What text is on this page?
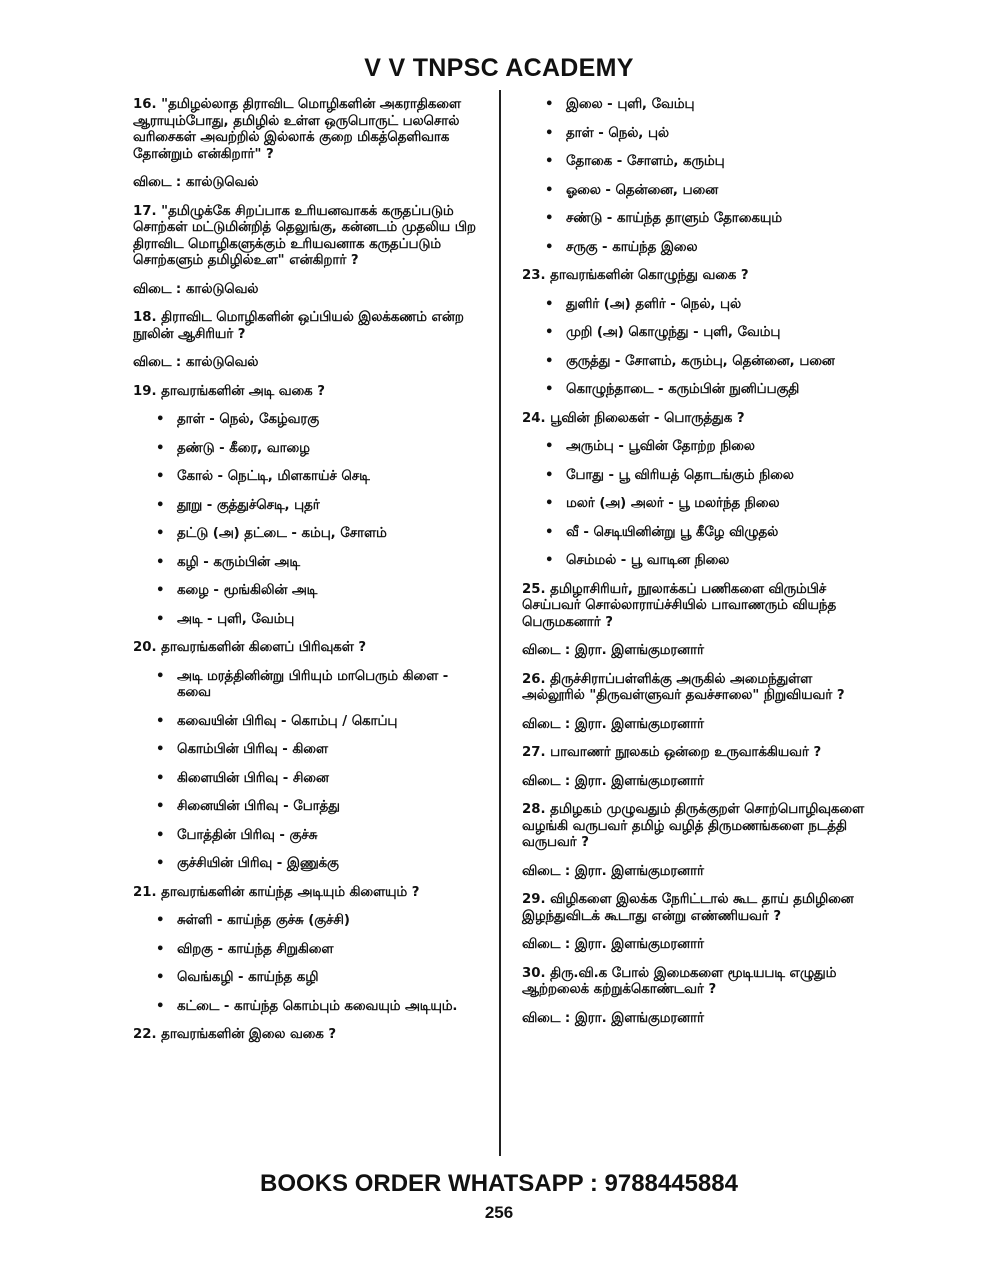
V V TNPSC ACADEMY
16. "தமிழல்லாத திராவிட மொழிகளின் அகராதிகளை ஆராயும்போது, தமிழில் உள்ள ஒருபொருட் பலசொல் வரிசைகள் அவற்றில் இல்லாக் குறை மிகத்தெளிவாக தோன்றும் என்கிறார்" ?
விடை : கால்டுவெல்
17. "தமிழுக்கே சிறப்பாக உரியனவாகக் கருதப்படும் சொற்கள் மட்டுமின்றித் தெலுங்கு, கன்னடம் முதலிய பிற திராவிட மொழிகளுக்கும் உரியவனாக கருதப்படும் சொற்களும் தமிழில்உள" என்கிறார் ?
விடை : கால்டுவெல்
18. திராவிட மொழிகளின் ஒப்பியல் இலக்கணம் என்ற நூலின் ஆசிரியர் ?
விடை : கால்டுவெல்
19. தாவரங்களின் அடி வகை ?
• தாள் - நெல், கேழ்வரகு
• தண்டு - கீரை, வாழை
• கோல் - நெட்டி, மிளகாய்ச் செடி
• தூறு - குத்துச்செடி, புதர்
• தட்டு (அ) தட்டை - கம்பு, சோளம்
• கழி - கரும்பின் அடி
• கழை - மூங்கிலின் அடி
• அடி - புளி, வேம்பு
20. தாவரங்களின் கிளைப் பிரிவுகள் ?
• அடி மரத்தினின்று பிரியும் மாபெரும் கிளை - கவை
• கவையின் பிரிவு - கொம்பு / கொப்பு
• கொம்பின் பிரிவு - கிளை
• கிளையின் பிரிவு - சினை
• சினையின் பிரிவு - போத்து
• போத்தின் பிரிவு - குச்சு
• குச்சியின் பிரிவு - இணுக்கு
21. தாவரங்களின் காய்ந்த அடியும் கிளையும் ?
• சுள்ளி - காய்ந்த குச்சு (குச்சி)
• விறகு - காய்ந்த சிறுகிளை
• வெங்கழி - காய்ந்த கழி
• கட்டை - காய்ந்த கொம்பும் கவையும் அடியும்.
22. தாவரங்களின் இலை வகை ?
• இலை - புளி, வேம்பு
• தாள் - நெல், புல்
• தோகை - சோளம், கரும்பு
• ஓலை - தென்னை, பனை
• சண்டு - காய்ந்த தாளும் தோகையும்
• சருகு - காய்ந்த இலை
23. தாவரங்களின் கொழுந்து வகை ?
• துளிர் (அ) தளிர் - நெல், புல்
• முறி (அ) கொழுந்து - புளி, வேம்பு
• குருத்து - சோளம், கரும்பு, தென்னை, பனை
• கொழுந்தாடை - கரும்பின் நுனிப்பகுதி
24. பூவின் நிலைகள் - பொருத்துக ?
• அரும்பு - பூவின் தோற்ற நிலை
• போது - பூ விரியத் தொடங்கும் நிலை
• மலர் (அ) அலர் - பூ மலர்ந்த நிலை
• வீ - செடியினின்று பூ கீழே விழுதல்
• செம்மல் - பூ வாடின நிலை
25. தமிழாசிரியர், நூலாக்கப் பணிகளை விரும்பிச் செய்பவர் சொல்லாராய்ச்சியில் பாவாணரும் வியந்த பெருமகனார் ?
விடை : இரா. இளங்குமரனார்
26. திருச்சிராப்பள்ளிக்கு அருகில் அமைந்துள்ள அல்லூரில் "திருவள்ளுவர் தவச்சாலை" நிறுவியவர் ?
விடை : இரா. இளங்குமரனார்
27. பாவாணர் நூலகம் ஒன்றை உருவாக்கியவர் ?
விடை : இரா. இளங்குமரனார்
28. தமிழகம் முழுவதும் திருக்குறள் சொற்பொழிவுகளை வழங்கி வருபவர் தமிழ் வழித் திருமணங்களை நடத்தி வருபவர் ?
விடை : இரா. இளங்குமரனார்
29. விழிகளை இலக்க நேரிட்டால் கூட தாய் தமிழினை இழந்துவிடக் கூடாது என்று எண்ணியவர் ?
விடை : இரா. இளங்குமரனார்
30. திரு.வி.க போல் இமைகளை மூடியபடி எழுதும் ஆற்றலைக் கற்றுக்கொண்டவர் ?
விடை : இரா. இளங்குமரனார்
BOOKS ORDER WHATSAPP : 9788445884
256
